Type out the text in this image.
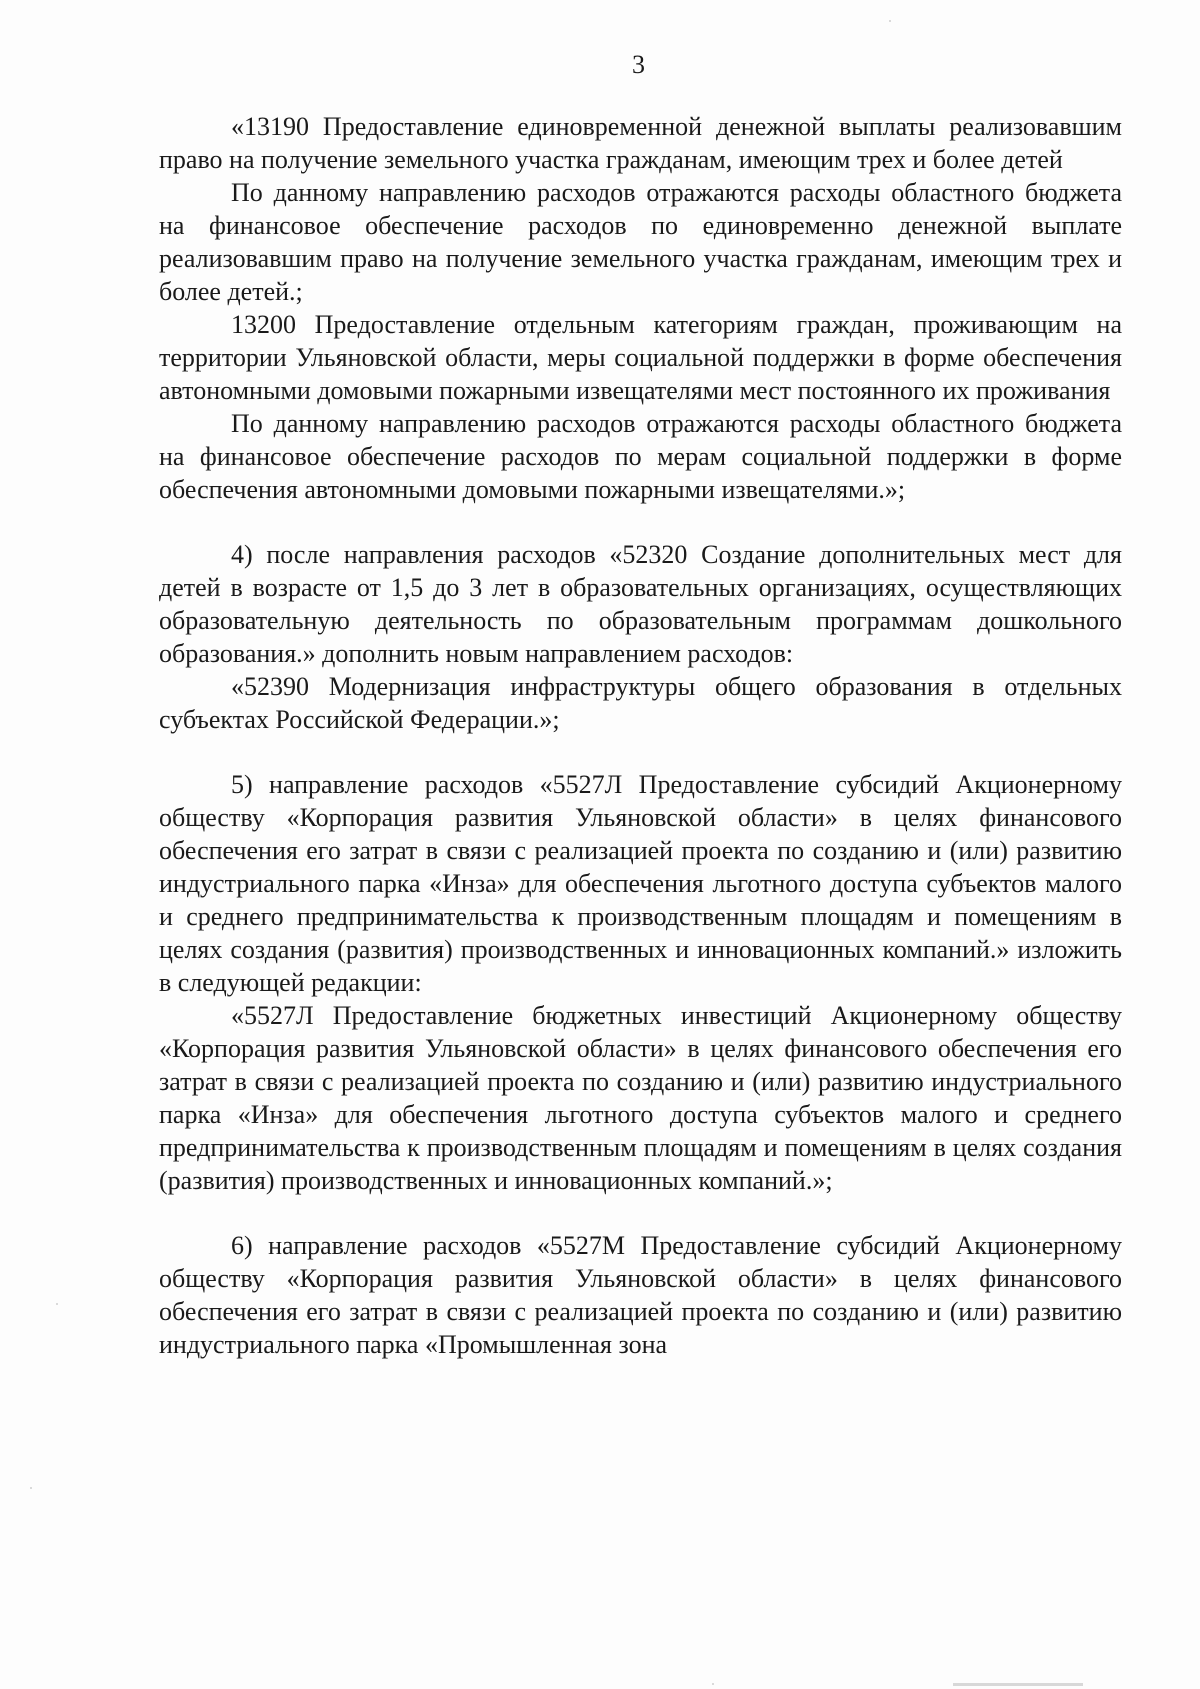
3

«13190 Предоставление единовременной денежной выплаты реализовавшим право на получение земельного участка гражданам, имеющим трех и более детей

По данному направлению расходов отражаются расходы областного бюджета на финансовое обеспечение расходов по единовременно денежной выплате реализовавшим право на получение земельного участка гражданам, имеющим трех и более детей.;

13200 Предоставление отдельным категориям граждан, проживающим на территории Ульяновской области, меры социальной поддержки в форме обеспечения автономными домовыми пожарными извещателями мест постоянного их проживания

По данному направлению расходов отражаются расходы областного бюджета на финансовое обеспечение расходов по мерам социальной поддержки в форме обеспечения автономными домовыми пожарными извещателями.»;

4) после направления расходов «52320 Создание дополнительных мест для детей в возрасте от 1,5 до 3 лет в образовательных организациях, осуществляющих образовательную деятельность по образовательным программам дошкольного образования.» дополнить новым направлением расходов:

«52390 Модернизация инфраструктуры общего образования в отдельных субъектах Российской Федерации.»;

5) направление расходов «5527Л Предоставление субсидий Акционерному обществу «Корпорация развития Ульяновской области» в целях финансового обеспечения его затрат в связи с реализацией проекта по созданию и (или) развитию индустриального парка «Инза» для обеспечения льготного доступа субъектов малого и среднего предпринимательства к производственным площадям и помещениям в целях создания (развития) производственных и инновационных компаний.» изложить в следующей редакции:

«5527Л Предоставление бюджетных инвестиций Акционерному обществу «Корпорация развития Ульяновской области» в целях финансового обеспечения его затрат в связи с реализацией проекта по созданию и (или) развитию индустриального парка «Инза» для обеспечения льготного доступа субъектов малого и среднего предпринимательства к производственным площадям и помещениям в целях создания (развития) производственных и инновационных компаний.»;

6) направление расходов «5527М Предоставление субсидий Акционерному обществу «Корпорация развития Ульяновской области» в целях финансового обеспечения его затрат в связи с реализацией проекта по созданию и (или) развитию индустриального парка «Промышленная зона
